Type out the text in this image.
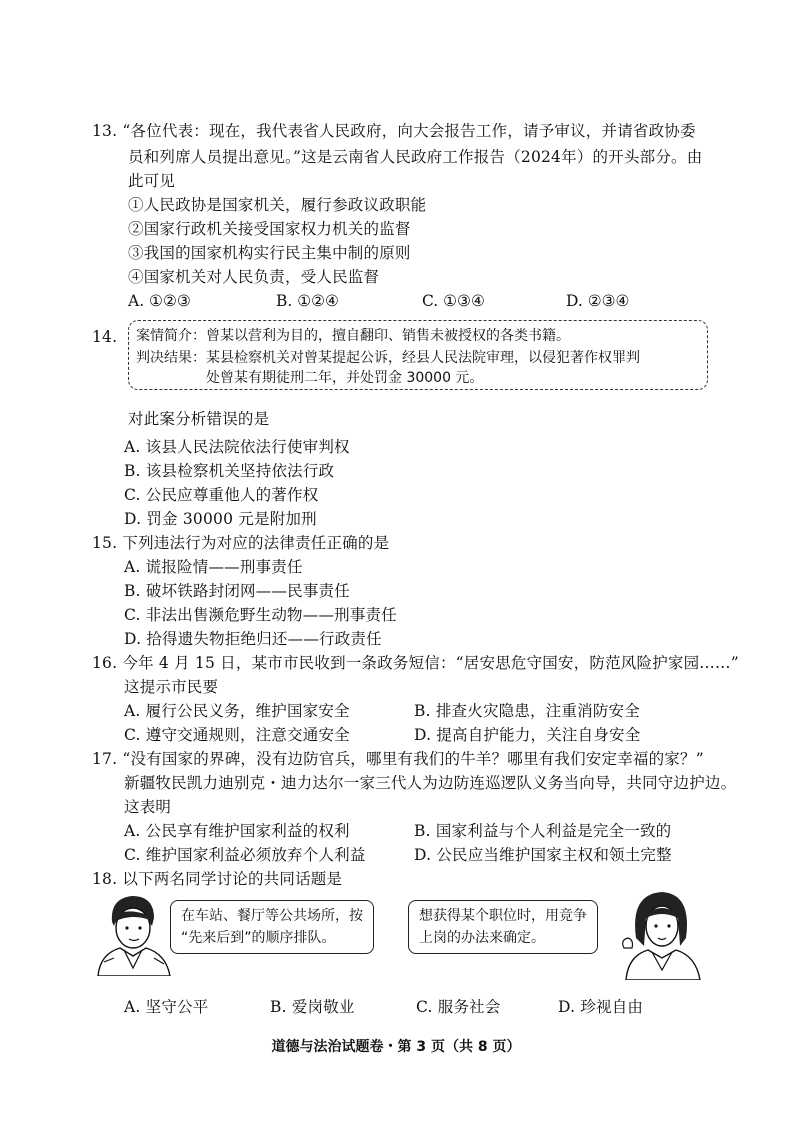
13. “各位代表：现在，我代表省人民政府，向大会报告工作，请予审议，并请省政协委
员和列席人员提出意见。”这是云南省人民政府工作报告（2024年）的开头部分。由
此可见
①人民政协是国家机关，履行参政议政职能
②国家行政机关接受国家权力机关的监督
③我国的国家机构实行民主集中制的原则
④国家机关对人民负责，受人民监督
A. ①②③	B. ①②④	C. ①③④	D. ②③④
14. 案情简介：曾某以营利为目的，擅自翻印、销售未被授权的各类书籍。
判决结果：某县检察机关对曾某提起公诉，经县人民法院审理，以侵犯著作权罪判
处曾某有期徒刑二年，并处罚金 30000 元。
对此案分析错误的是
A. 该县人民法院依法行使审判权
B. 该县检察机关坚持依法行政
C. 公民应尊重他人的著作权
D. 罚金 30000 元是附加刑
15. 下列违法行为对应的法律责任正确的是
A. 谎报险情——刑事责任
B. 破坏铁路封闭网——民事责任
C. 非法出售濒危野生动物——刑事责任
D. 拾得遗失物拒绝归还——行政责任
16. 今年 4 月 15 日，某市市民收到一条政务短信：“居安思危守国安，防范风险护家园……”
这提示市民要
A. 履行公民义务，维护国家安全	B. 排查火灾隐患，注重消防安全
C. 遵守交通规则，注意交通安全	D. 提高自护能力，关注自身安全
17. “没有国家的界碑，没有边防官兵，哪里有我们的牛羊？哪里有我们安定幸福的家？”
新疆牧民凯力迪别克・迪力达尔一家三代人为边防连巡逻队义务当向导，共同守边护边。
这表明
A. 公民享有维护国家利益的权利	B. 国家利益与个人利益是完全一致的
C. 维护国家利益必须放弃个人利益	D. 公民应当维护国家主权和领土完整
18. 以下两名同学讨论的共同话题是
在车站、餐厅等公共场所，按
“先来后到”的顺序排队。
想获得某个职位时，用竞争
上岗的办法来确定。
A. 坚守公平	B. 爱岗敬业	C. 服务社会	D. 珍视自由
道德与法治试题卷・第 3 页（共 8 页）
